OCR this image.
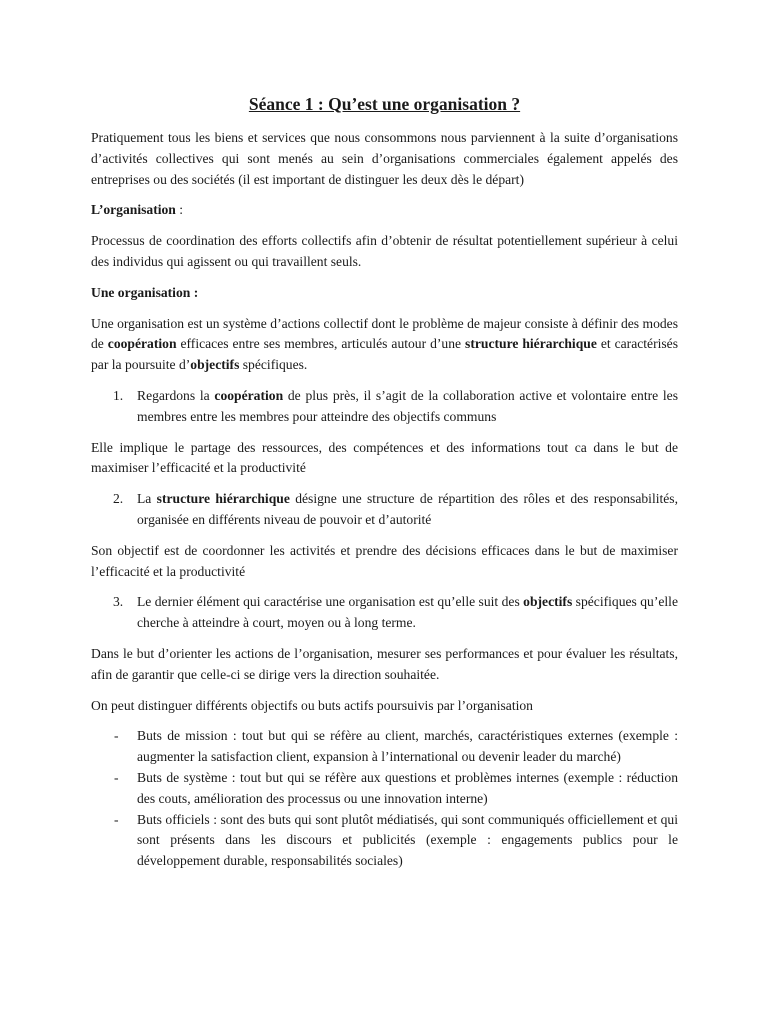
Séance 1 : Qu’est une organisation ?

Pratiquement tous les biens et services que nous consommons nous parviennent à la suite d’organisations d’activités collectives qui sont menés au sein d’organisations commerciales également appelés des entreprises ou des sociétés (il est important de distinguer les deux dès le départ)

L’organisation :

Processus de coordination des efforts collectifs afin d’obtenir de résultat potentiellement supérieur à celui des individus qui agissent ou qui travaillent seuls.

Une organisation :

Une organisation est un système d’actions collectif dont le problème de majeur consiste à définir des modes de coopération efficaces entre ses membres, articulés autour d’une structure hiérarchique et caractérisés par la poursuite d’objectifs spécifiques.

1. Regardons la coopération de plus près, il s’agit de la collaboration active et volontaire entre les membres entre les membres pour atteindre des objectifs communs

Elle implique le partage des ressources, des compétences et des informations tout ca dans le but de maximiser l’efficacité et la productivité

2. La structure hiérarchique désigne une structure de répartition des rôles et des responsabilités, organisée en différents niveau de pouvoir et d’autorité

Son objectif est de coordonner les activités et prendre des décisions efficaces dans le but de maximiser l’efficacité et la productivité

3. Le dernier élément qui caractérise une organisation est qu’elle suit des objectifs spécifiques qu’elle cherche à atteindre à court, moyen ou à long terme.

Dans le but d’orienter les actions de l’organisation, mesurer ses performances et pour évaluer les résultats, afin de garantir que celle-ci se dirige vers la direction souhaitée.

On peut distinguer différents objectifs ou buts actifs poursuivis par l’organisation

- Buts de mission : tout but qui se réfère au client, marchés, caractéristiques externes (exemple : augmenter la satisfaction client, expansion à l’international ou devenir leader du marché)
- Buts de système : tout but qui se réfère aux questions et problèmes internes (exemple : réduction des couts, amélioration des processus ou une innovation interne)
- Buts officiels : sont des buts qui sont plutôt médiatisés, qui sont communiqués officiellement et qui sont présents dans les discours et publicités (exemple : engagements publics pour le développement durable, responsabilités sociales)
